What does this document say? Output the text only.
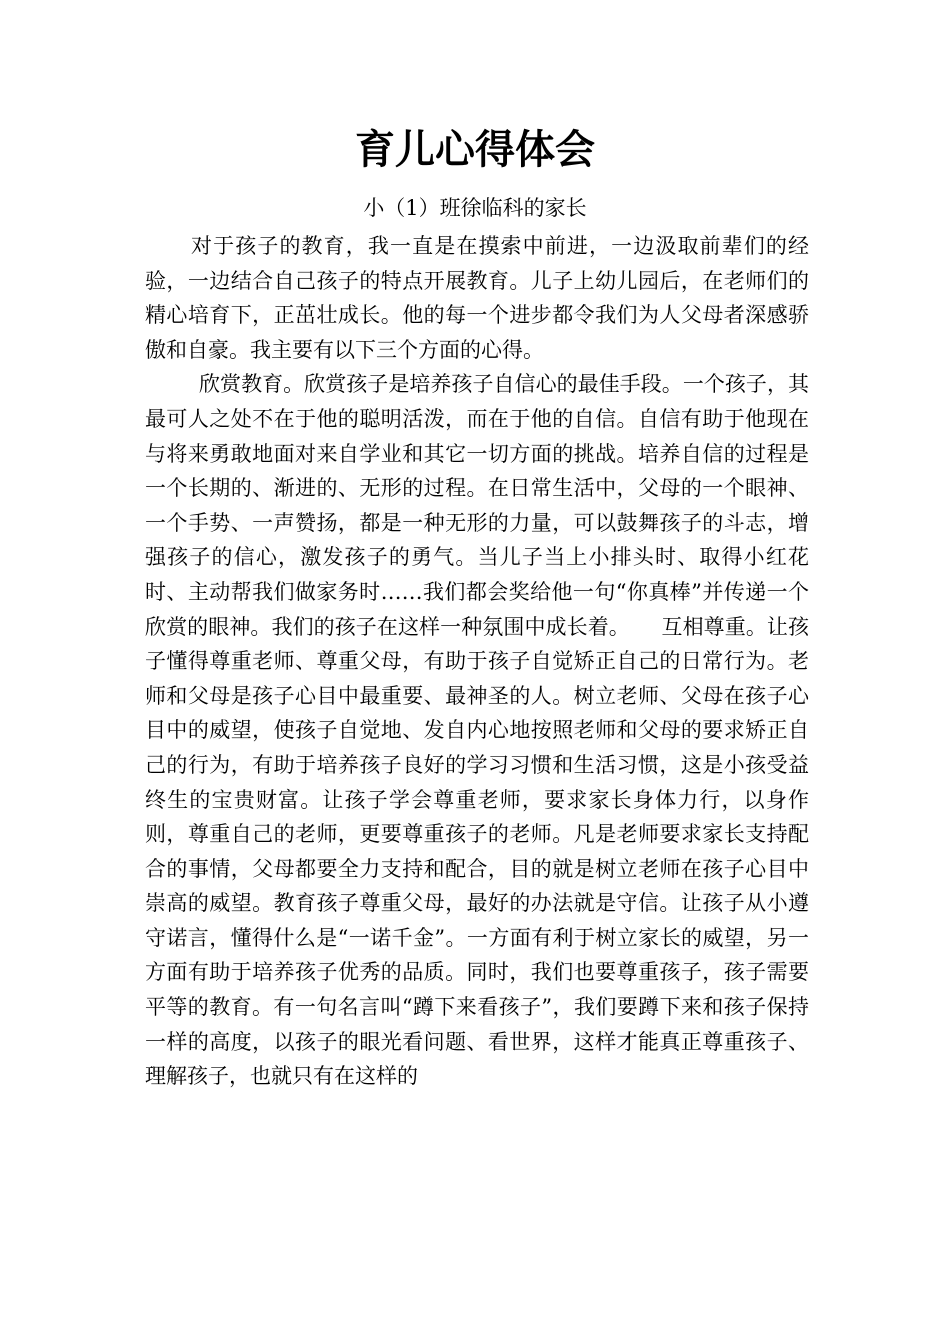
育儿心得体会
小（1）班徐临科的家长

对于孩子的教育，我一直是在摸索中前进，一边汲取前辈们的经验，一边结合自己孩子的特点开展教育。儿子上幼儿园后，在老师们的精心培育下，正茁壮成长。他的每一个进步都令我们为人父母者深感骄傲和自豪。我主要有以下三个方面的心得。

欣赏教育。欣赏孩子是培养孩子自信心的最佳手段。一个孩子，其最可人之处不在于他的聪明活泼，而在于他的自信。自信有助于他现在与将来勇敢地面对来自学业和其它一切方面的挑战。培养自信的过程是一个长期的、渐进的、无形的过程。在日常生活中，父母的一个眼神、一个手势、一声赞扬，都是一种无形的力量，可以鼓舞孩子的斗志，增强孩子的信心，激发孩子的勇气。当儿子当上小排头时、取得小红花时、主动帮我们做家务时……我们都会奖给他一句“你真棒”并传递一个欣赏的眼神。我们的孩子在这样一种氛围中成长着。　　互相尊重。让孩子懂得尊重老师、尊重父母，有助于孩子自觉矫正自己的日常行为。老师和父母是孩子心目中最重要、最神圣的人。树立老师、父母在孩子心目中的威望，使孩子自觉地、发自内心地按照老师和父母的要求矫正自己的行为，有助于培养孩子良好的学习习惯和生活习惯，这是小孩受益终生的宝贵财富。让孩子学会尊重老师，要求家长身体力行，以身作则，尊重自己的老师，更要尊重孩子的老师。凡是老师要求家长支持配合的事情，父母都要全力支持和配合，目的就是树立老师在孩子心目中崇高的威望。教育孩子尊重父母，最好的办法就是守信。让孩子从小遵守诺言，懂得什么是“一诺千金”。一方面有利于树立家长的威望，另一方面有助于培养孩子优秀的品质。同时，我们也要尊重孩子，孩子需要平等的教育。有一句名言叫“蹲下来看孩子”，我们要蹲下来和孩子保持一样的高度，以孩子的眼光看问题、看世界，这样才能真正尊重孩子、理解孩子，也就只有在这样的
